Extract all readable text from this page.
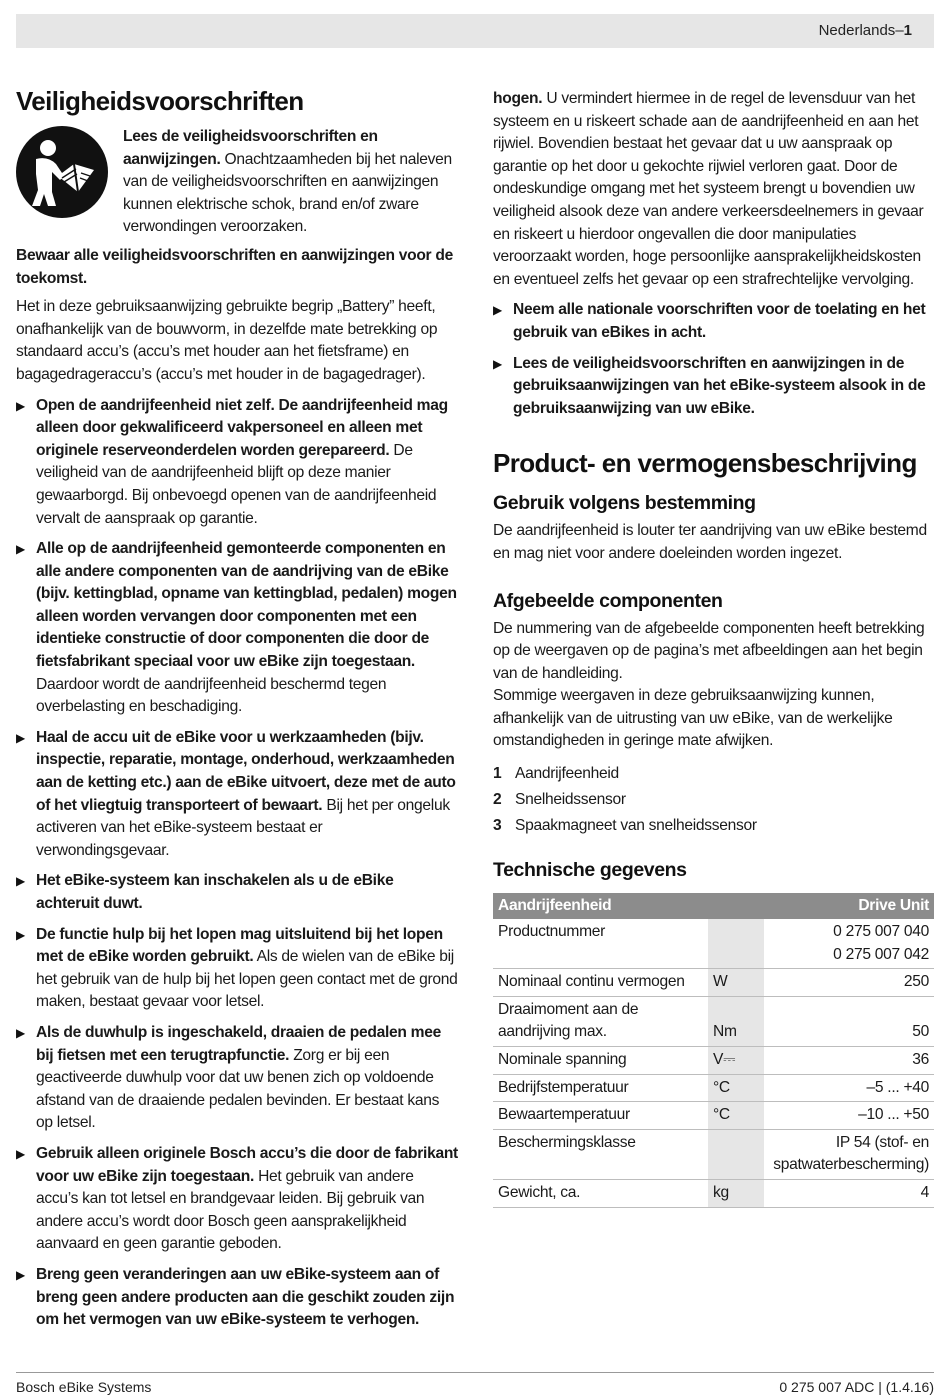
Nederlands–1
Veiligheidsvoorschriften
Lees de veiligheidsvoorschriften en aanwijzingen. Onachtzaamheden bij het naleven van de veiligheidsvoorschriften en aanwijzingen kunnen elektrische schok, brand en/of zware verwondingen veroorzaken.

Bewaar alle veiligheidsvoorschriften en aanwijzingen voor de toekomst.

Het in deze gebruiksaanwijzing gebruikte begrip „Battery” heeft, onafhankelijk van de bouwvorm, in dezelfde mate betrekking op standaard accu’s (accu’s met houder aan het fietsframe) en bagagedrageraccu’s (accu’s met houder in de bagagedrager).

▶ Open de aandrijfeenheid niet zelf. De aandrijfeenheid mag alleen door gekwalificeerd vakpersoneel en alleen met originele reserveonderdelen worden gerepareerd. De veiligheid van de aandrijfeenheid blijft op deze manier gewaarborgd. Bij onbevoegd openen van de aandrijfeenheid vervalt de aanspraak op garantie.
▶ Alle op de aandrijfeenheid gemonteerde componenten en alle andere componenten van de aandrijving van de eBike (bijv. kettingblad, opname van kettingblad, pedalen) mogen alleen worden vervangen door componenten met een identieke constructie of door componenten die door de fietsfabrikant speciaal voor uw eBike zijn toegestaan. Daardoor wordt de aandrijfeenheid beschermd tegen overbelasting en beschadiging.
▶ Haal de accu uit de eBike voor u werkzaamheden (bijv. inspectie, reparatie, montage, onderhoud, werkzaamheden aan de ketting etc.) aan de eBike uitvoert, deze met de auto of het vliegtuig transporteert of bewaart. Bij het per ongeluk activeren van het eBike-systeem bestaat er verwondingsgevaar.
▶ Het eBike-systeem kan inschakelen als u de eBike achteruit duwt.
▶ De functie hulp bij het lopen mag uitsluitend bij het lopen met de eBike worden gebruikt. Als de wielen van de eBike bij het gebruik van de hulp bij het lopen geen contact met de grond maken, bestaat gevaar voor letsel.
▶ Als de duwhulp is ingeschakeld, draaien de pedalen mee bij fietsen met een terugtrapfunctie. Zorg er bij een geactiveerde duwhulp voor dat uw benen zich op voldoende afstand van de draaiende pedalen bevinden. Er bestaat kans op letsel.
▶ Gebruik alleen originele Bosch accu’s die door de fabrikant voor uw eBike zijn toegestaan. Het gebruik van andere accu’s kan tot letsel en brandgevaar leiden. Bij gebruik van andere accu’s wordt door Bosch geen aansprakelijkheid aanvaard en geen garantie geboden.
▶ Breng geen veranderingen aan uw eBike-systeem aan of breng geen andere producten aan die geschikt zouden zijn om het vermogen van uw eBike-systeem te verhogen.

hogen. U vermindert hiermee in de regel de levensduur van het systeem en u riskeert schade aan de aandrijfeenheid en aan het rijwiel. Bovendien bestaat het gevaar dat u uw aanspraak op garantie op het door u gekochte rijwiel verloren gaat. Door de ondeskundige omgang met het systeem brengt u bovendien uw veiligheid alsook deze van andere verkeersdeelnemers in gevaar en riskeert u hierdoor ongevallen die door manipulaties veroorzaakt worden, hoge persoonlijke aansprakelijkheidskosten en eventueel zelfs het gevaar op een strafrechtelijke vervolging.

▶ Neem alle nationale voorschriften voor de toelating en het gebruik van eBikes in acht.
▶ Lees de veiligheidsvoorschriften en aanwijzingen in de gebruiksaanwijzingen van het eBike-systeem alsook in de gebruiksaanwijzing van uw eBike.
Product- en vermogensbeschrijving
Gebruik volgens bestemming

De aandrijfeenheid is louter ter aandrijving van uw eBike bestemd en mag niet voor andere doeleinden worden ingezet.

Afgebeelde componenten

De nummering van de afgebeelde componenten heeft betrekking op de weergaven op de pagina’s met afbeeldingen aan het begin van de handleiding.

Sommige weergaven in deze gebruiksaanwijzing kunnen, afhankelijk van de uitrusting van uw eBike, van de werkelijke omstandigheden in geringe mate afwijken.

1 Aandrijfeenheid
2 Snelheidssensor
3 Spaakmagneet van snelheidssensor
Technische gegevens
Aandrijfeenheid		Drive Unit
Productnummer		0 275 007 040
0 275 007 042
Nominaal continu vermogen	W	250
Draaimoment aan de aandrijving max.	Nm	50
Nominale spanning	V⎓	36
Bedrijfstemperatuur	°C	–5 ... +40
Bewaartemperatuur	°C	–10 ... +50
Beschermingsklasse		IP 54 (stof- en spatwaterbescherming)
Gewicht, ca.	kg	4
Bosch eBike Systems	0 275 007 ADC | (1.4.16)
